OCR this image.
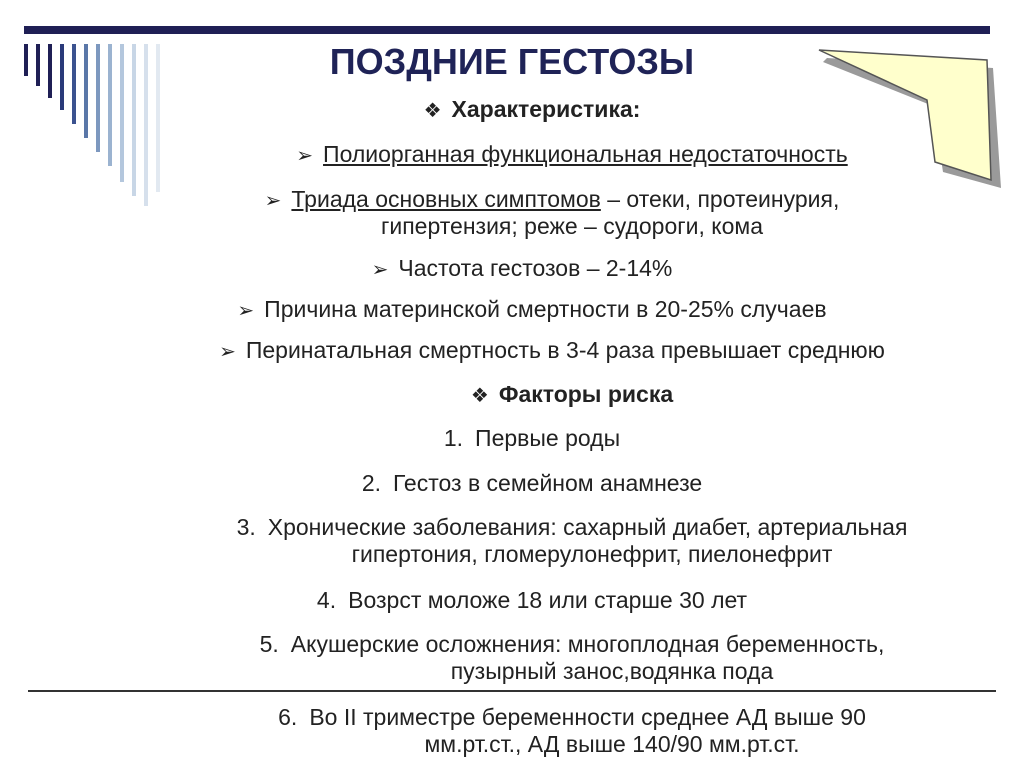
ПОЗДНИЕ ГЕСТОЗЫ
❖ Характеристика:
➢ Полиорганная функциональная недостаточность
➢ Триада основных симптомов – отеки, протеинурия,
гипертензия; реже – судороги, кома
➢ Частота гестозов – 2-14%
➢ Причина материнской смертности в 20-25% случаев
➢ Перинатальная смертность в 3-4 раза превышает среднюю
❖ Факторы риска
1. Первые роды
2. Гестоз в семейном анамнезе
3. Хронические заболевания: сахарный диабет, артериальная
гипертония, гломерулонефрит, пиелонефрит
4. Возрст моложе 18 или старше 30 лет
5. Акушерские осложнения: многоплодная беременность,
пузырный занос,водянка пода
6. Во II триместре беременности среднее АД выше 90
мм.рт.ст., АД выше 140/90 мм.рт.ст.
